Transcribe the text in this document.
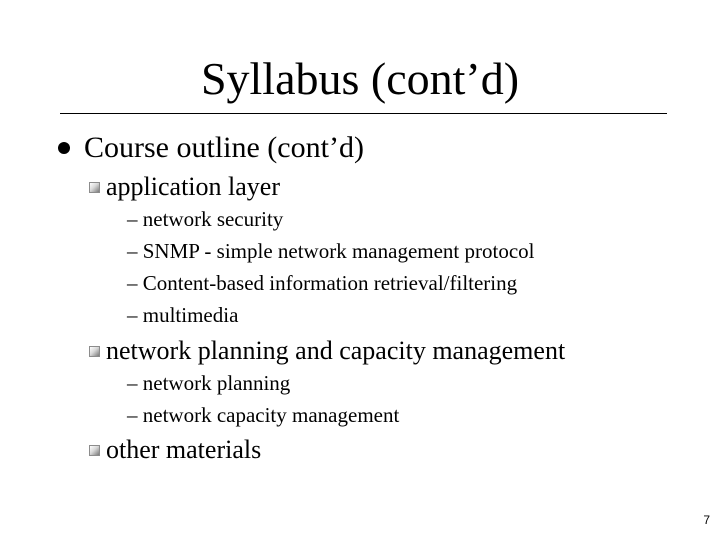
Syllabus (cont’d)
Course outline (cont’d)
application layer
– network security
– SNMP - simple network management protocol
– Content-based information retrieval/filtering
– multimedia
network planning and capacity management
– network planning
– network capacity management
other materials
7
